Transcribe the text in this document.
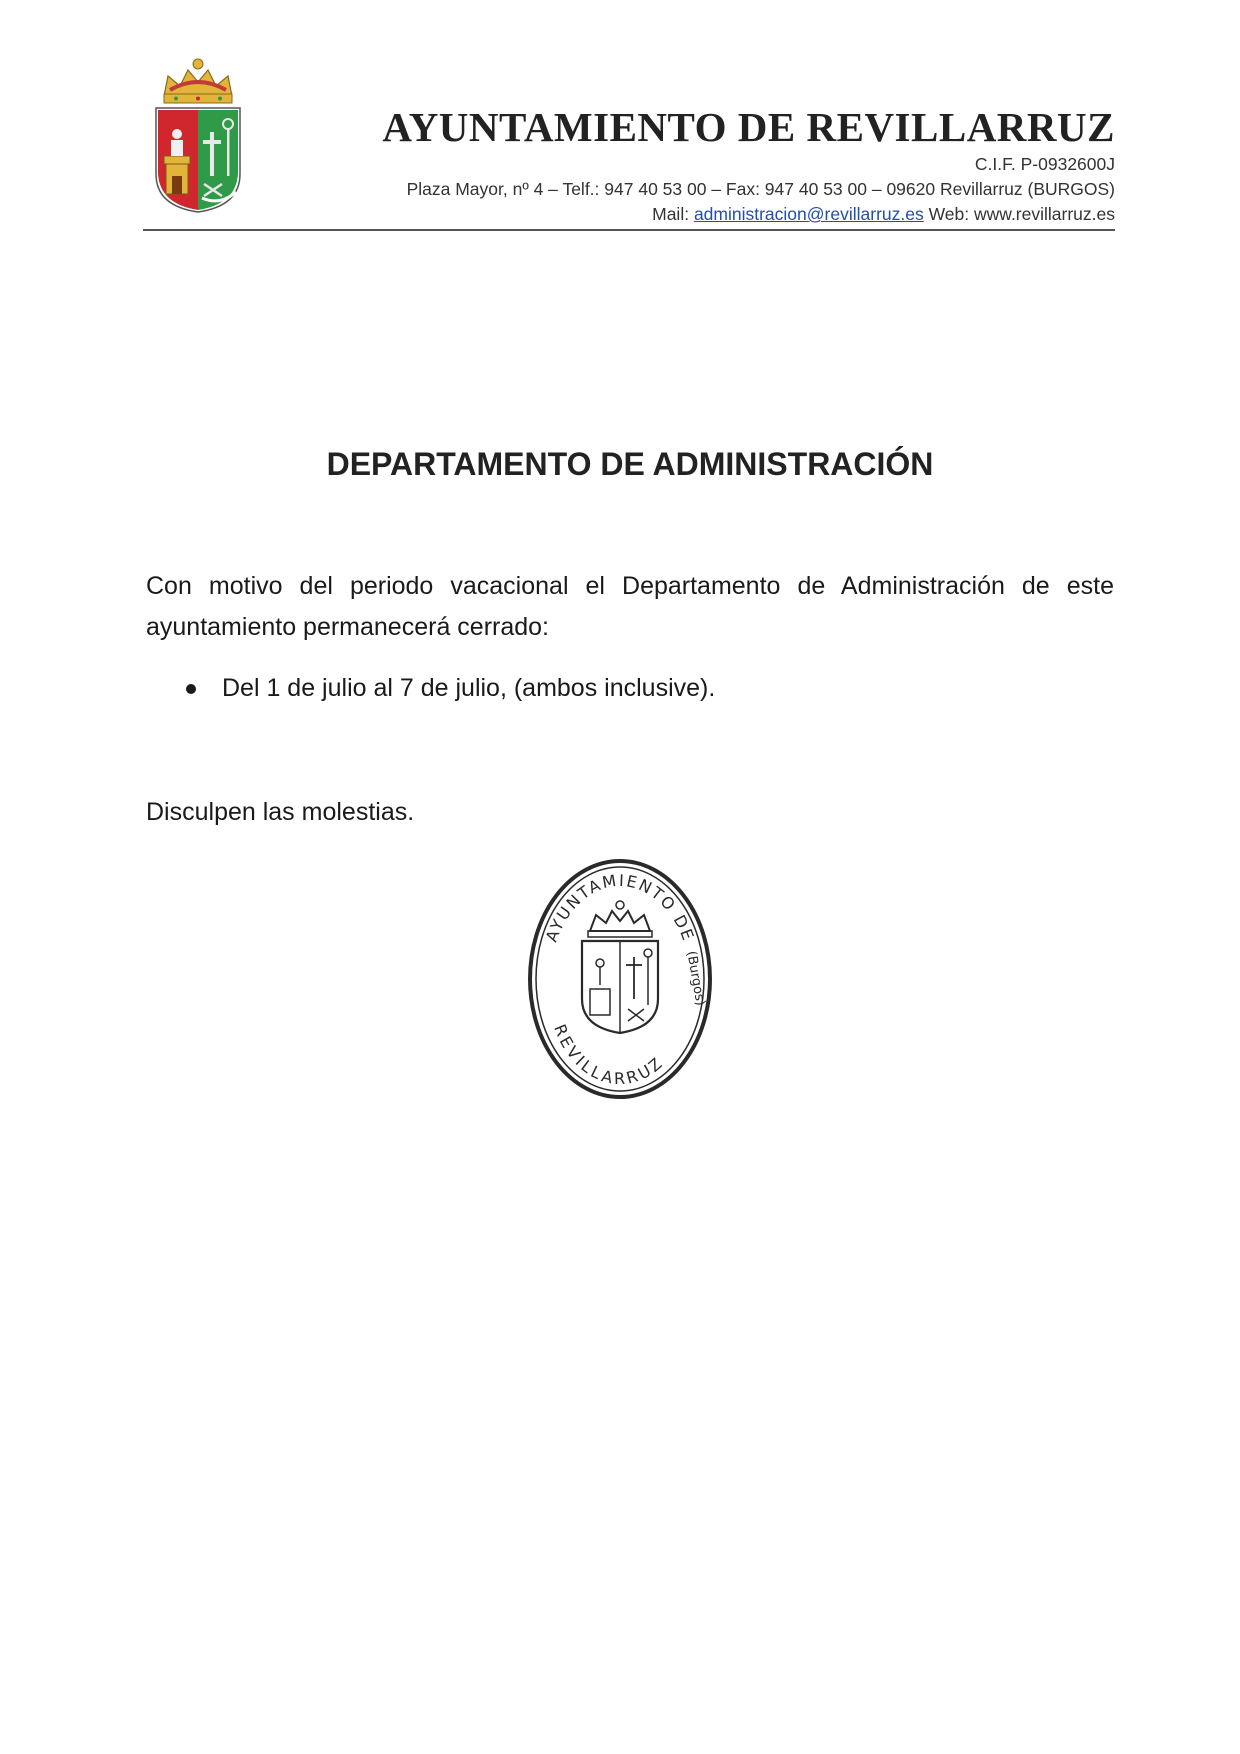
AYUNTAMIENTO DE REVILLARRUZ
C.I.F. P-0932600J
Plaza Mayor, nº 4 – Telf.: 947 40 53 00 – Fax: 947 40 53 00 – 09620 Revillarruz (BURGOS)
Mail: administracion@revillarruz.es Web: www.revillarruz.es
DEPARTAMENTO DE ADMINISTRACIÓN

Con motivo del periodo vacacional el Departamento de Administración de este ayuntamiento permanecerá cerrado:

Del 1 de julio al 7 de julio, (ambos inclusive).

Disculpen las molestias.

AYUNTAMIENTO DE
REVILLARRUZ
(Burgos)
